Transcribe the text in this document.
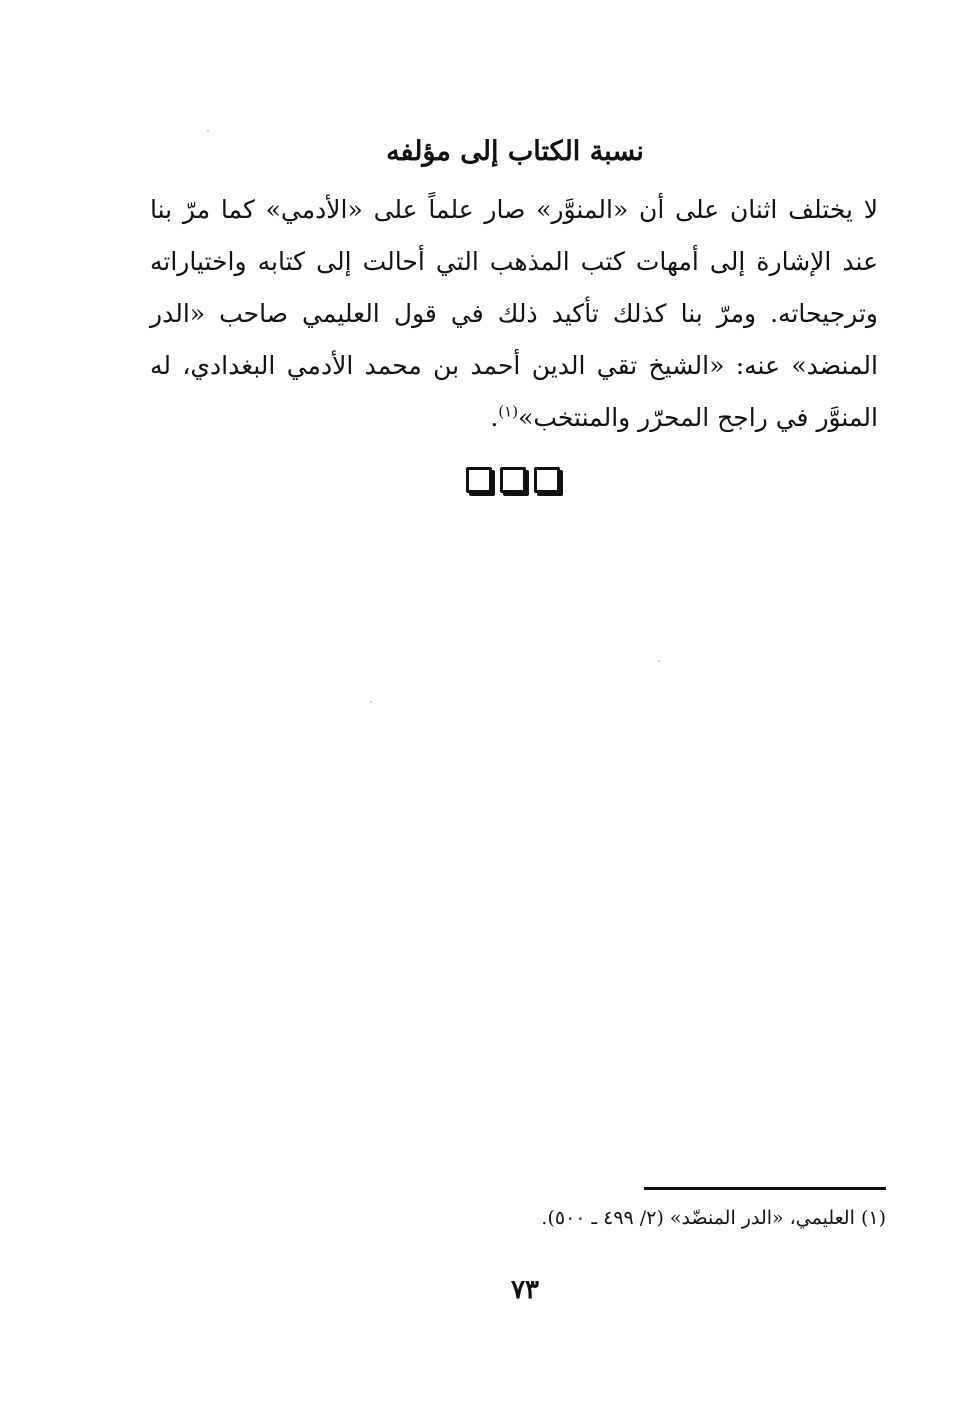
نسبة الكتاب إلى مؤلفه
لا يختلف اثنان على أن «المنوَّر» صار علماً على «الأدمي» كما مرّ بنا
عند الإشارة إلى أمهات كتب المذهب التي أحالت إلى كتابه واختياراته
وترجيحاته. ومرّ بنا كذلك تأكيد ذلك في قول العليمي صاحب «الدر
المنضد» عنه: «الشيخ تقي الدين أحمد بن محمد الأدمي البغدادي، له
المنوَّر في راجح المحرّر والمنتخب»$^{(١)}$.
(١) العليمي، «الدر المنضّد» (٢/ ٤٩٩ ـ ٥٠٠).
٧٣
